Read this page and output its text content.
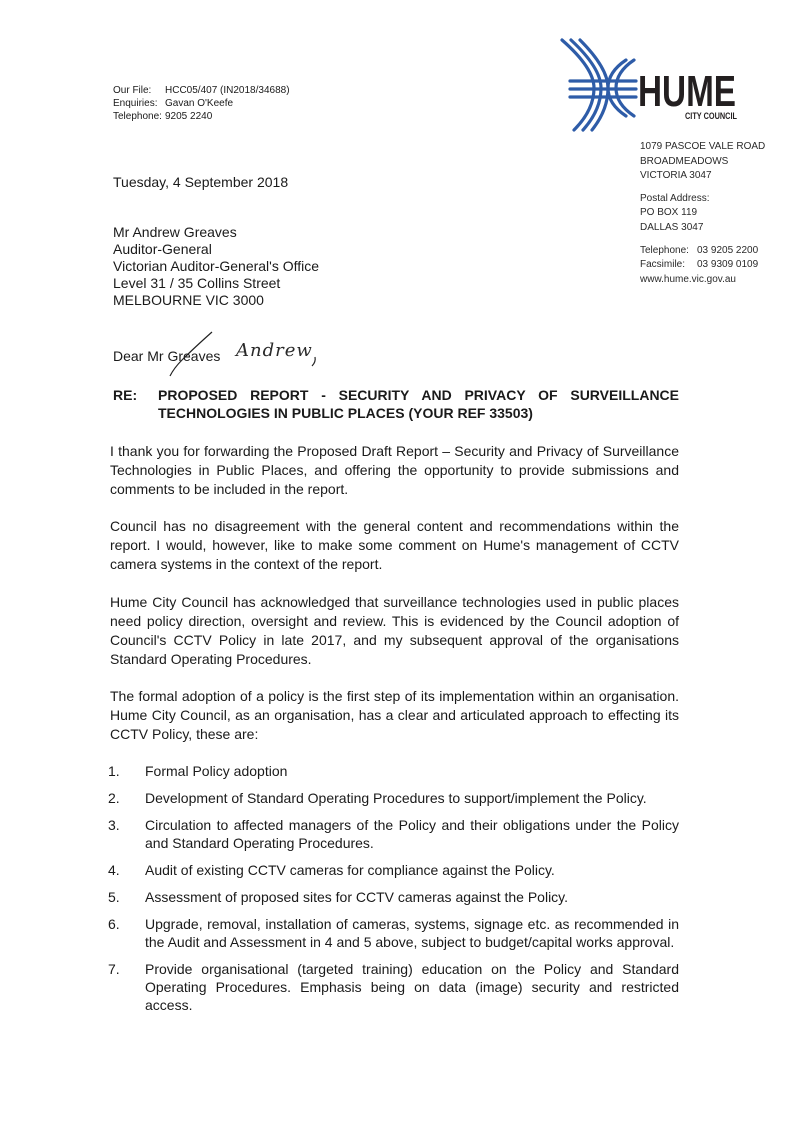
Our File:	HCC05/407 (IN2018/34688)
Enquiries: Gavan O'Keefe
Telephone: 9205 2240
HUME
CITY COUNCIL
1079 PASCOE VALE ROAD
BROADMEADOWS
VICTORIA 3047
Postal Address:
PO BOX 119
DALLAS 3047
Telephone: 03 9205 2200
Facsimile:	03 9309 0109
www.hume.vic.gov.au
Tuesday, 4 September 2018
Mr Andrew Greaves
Auditor-General
Victorian Auditor-General's Office
Level 31 / 35 Collins Street
MELBOURNE VIC 3000
Dear Mr Greaves Andrew
RE: PROPOSED REPORT - SECURITY AND PRIVACY OF SURVEILLANCE TECHNOLOGIES IN PUBLIC PLACES (YOUR REF 33503)
I thank you for forwarding the Proposed Draft Report – Security and Privacy of Surveillance Technologies in Public Places, and offering the opportunity to provide submissions and comments to be included in the report.
Council has no disagreement with the general content and recommendations within the report. I would, however, like to make some comment on Hume's management of CCTV camera systems in the context of the report.
Hume City Council has acknowledged that surveillance technologies used in public places need policy direction, oversight and review. This is evidenced by the Council adoption of Council's CCTV Policy in late 2017, and my subsequent approval of the organisations Standard Operating Procedures.
The formal adoption of a policy is the first step of its implementation within an organisation. Hume City Council, as an organisation, has a clear and articulated approach to effecting its CCTV Policy, these are:
1.	Formal Policy adoption
2.	Development of Standard Operating Procedures to support/implement the Policy.
3.	Circulation to affected managers of the Policy and their obligations under the Policy and Standard Operating Procedures.
4.	Audit of existing CCTV cameras for compliance against the Policy.
5.	Assessment of proposed sites for CCTV cameras against the Policy.
6.	Upgrade, removal, installation of cameras, systems, signage etc. as recommended in the Audit and Assessment in 4 and 5 above, subject to budget/capital works approval.
7.	Provide organisational (targeted training) education on the Policy and Standard Operating Procedures. Emphasis being on data (image) security and restricted access.
